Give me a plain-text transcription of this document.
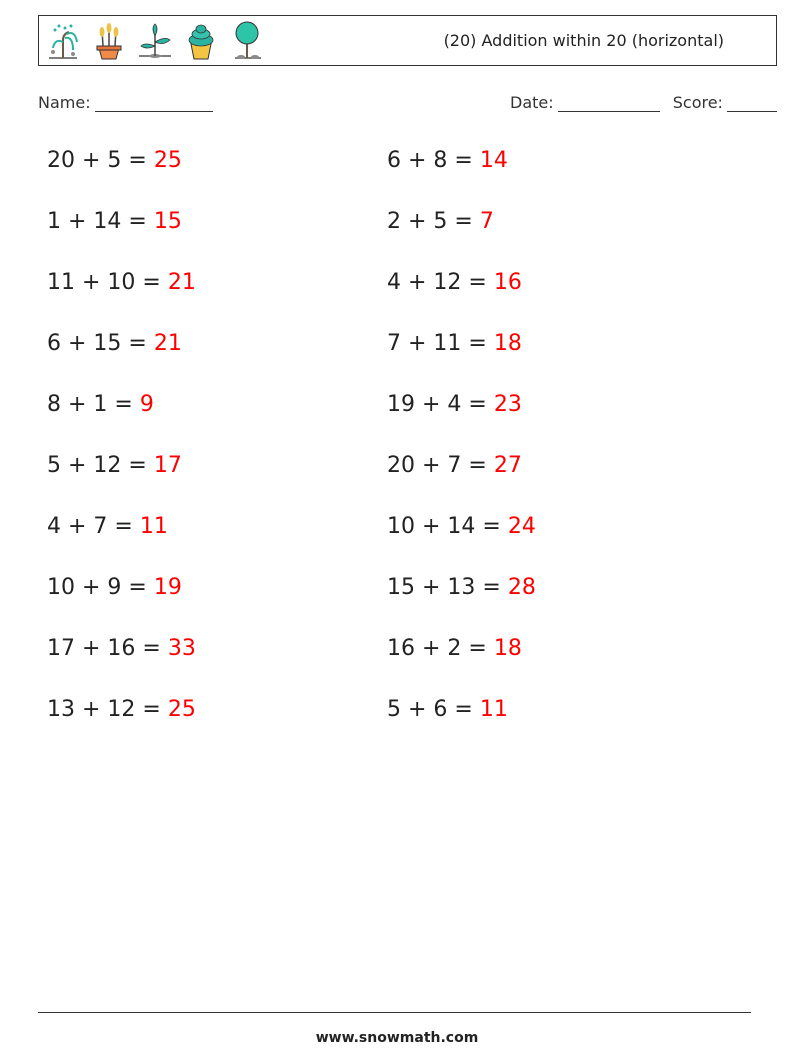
(20) Addition within 20 (horizontal)
Name:	Date:	Score:
20 + 5 = 25	6 + 8 = 14
1 + 14 = 15	2 + 5 = 7
11 + 10 = 21	4 + 12 = 16
6 + 15 = 21	7 + 11 = 18
8 + 1 = 9	19 + 4 = 23
5 + 12 = 17	20 + 7 = 27
4 + 7 = 11	10 + 14 = 24
10 + 9 = 19	15 + 13 = 28
17 + 16 = 33	16 + 2 = 18
13 + 12 = 25	5 + 6 = 11
www.snowmath.com
